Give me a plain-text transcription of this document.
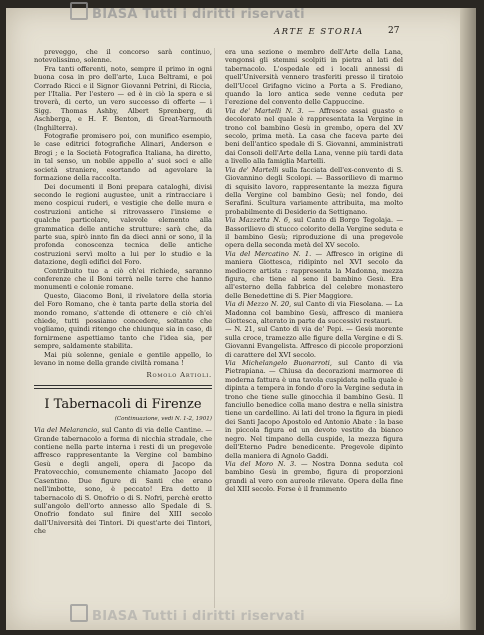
BIASA Tutti i diritti riservati
ARTE E STORIA	27

preveggo, che il concorso sarà continuo, notevolissimo, solenne.

Fra tanti offerenti, noto, sempre il primo in ogni buona cosa in pro dell'arte, Luca Beltrami, e poi Corrado Ricci e il Signor Giovanni Petrini, di Riccia, per l'Italia. Per l'estero — ed è in ciò la spera e si troverà, di certo, un vero successo di offerte — i Sigg. Thomas Ashby, Albert Sprenberg, di Aschberga, e H. F. Benton, di Great-Yarmouth (Inghilterra).

Fotografie promisero poi, con munifico esempio, le case editrici fotografiche Alinari, Anderson e Brogi ; e la Società Fotografica Italiana, ha diretto, in tal senso, un nobile appello a' suoi soci e alle società straniere, esortando ad agevolare la formazione della raccolta.

Dei documenti il Boni prepara cataloghi, divisi secondo le regioni augustee, unit a rintracciare i meno cospicui ruderi, e vestigie che delle mura e costruzioni antiche si ritrovassero l'insieme e qualche particolare, valevole elemento alla grammatica delle antiche strutture: sarà che, da parte sua, spirò innto fin da dieci anni or sono, il la profonda conoscenza tecnica delle antiche costruzioni servì molto a lui per lo studio e la datazione, degli edifici del Foro.

Contribuito tuo a ciò ch'ei richiede, saranno conferenze che il Boni terrà nelle terre che hanno monumenti e colonie romane.

Questo, Giacomo Boni, il rivelatore della storia del Foro Romano, che è tanta parte della storia del mondo romano, s'attende di ottenere e ciò ch'ei chiede, tutti possiamo concedere, soltanto che vogliamo, quindi ritengo che chiunque sia in caso, di fornirmene aspettiamo tanto che l'idea sia, per sempre, saldamente stabilita.

Mai più solenne, geniale e gentile appello, lo levano in nome della grande civiltà romana !

Romolo Artioli.
I Tabernacoli di Firenze
(Continuazione, vedi N. 1-2, 1901)

Via del Melarancio, sul Canto di via delle Cantine. — Grande tabernacolo a forma di nicchia stradale, che contiene nella parte interna i resti di un pregevole affresco rappresentante la Vergine col bambino Gesù e degli angeli, opera di Jacopo da Pratovecchio, comunemente chiamato Jacopo del Casentino. Due figure di Santi che erano nell'imbotte, sono, è peccato! Era detto il tabernacolo di S. Onofrio o di S. Nofri, perchè eretto sull'angolo dell'orto annesso allo Spedale di S. Onofrio fondato sul finire del XIII secolo dall'Università dei Tintori. Di quest'arte dei Tintori, che

era una sezione o membro dell'Arte della Lana, vengonsi gli stemmi scolpiti in pietra al lati del tabernacolo. L'ospedale ed i locali annessi di quell'Università vennero trasferiti presso il tiratoio dell'Uccel Grifagno vicino a Porta a S. Frediano, quando la loro antica sede venne ceduta per l'erezione del convento delle Cappuccine.

Via de' Martelli N. 3. — Affresco assai guasto e decolorato nel quale è rappresentata la Vergine in trono col bambino Gesù in grembo, opera del XV secolo, prima metà. La casa che faceva parte dei beni dell'antico spedale di S. Giovanni, amministrati dai Consoli dell'Arte della Lana, venne più tardi data a livello alla famiglia Martelli.

Via de' Martelli sulla facciata dell'ex-convento di S. Giovannino degli Scolopi. — Bassorilievo di marmo di squisito lavoro, rappresentante la mezza figura della Vergine col bambino Gesù; nel fondo, dei Serafini. Scultura variamente attribuita, ma molto probabilmente di Desiderio da Settignano.

Via Mazzetta N. 6, sul Canto di Borgo Tegolaja. — Bassorilievo di stucco colorito della Vergine seduta e il bambino Gesù; riproduzione di una pregevole opera della seconda metà del XV secolo.

Via del Mercatino N. 1. — Affresco in origine di maniera Giottesca, ridipinto nel XVI secolo da mediocre artista : rappresenta la Madonna, mezza figura, che tiene al seno il bambino Gesù. Era all'esterno della fabbrica del celebre monastero delle Benedettine di S. Pier Maggiore.

Via di Mezzo N. 20, sul Canto di via Fiesolana. — La Madonna col bambino Gesù, affresco di maniera Giottesca, alterato in parte da successivi restauri.

— N. 21, sul Canto di via de' Pepi. — Gesù morente sulla croce, tramezzo alle figure della Vergine e di S. Giovanni Evangelista. Affresco di piccole proporzioni di carattere del XVI secolo.

Via Michelangelo Buonarroti, sul Canto di via Pietrapiana. — Chiusa da decorazioni marmoree di moderna fattura è una tavola cuspidata nella quale è dipinta a tempera in fondo d'oro la Vergine seduta in trono che tiene sulle ginocchia il bambino Gesù. Il fanciullo benedice colla mano destra e nella sinistra tiene un cardellino. Ai lati del trono la figura in piedi dei Santi Jacopo Apostolo ed Antonio Abate : la base in piccola figura ed un devoto vestito da bianco negro. Nel timpano della cuspide, la mezza figura dell'Eterno Padre benedicente. Pregevole dipinto della maniera di Agnolo Gaddi.

Via del Moro N. 3. — Nostra Donna seduta col bambino Gesù in grembo, figura di proporzioni grandi al vero con aureole rilevate. Opera della fine del XIII secolo. Forse è il frammento

BIASA Tutti i diritti riservati
